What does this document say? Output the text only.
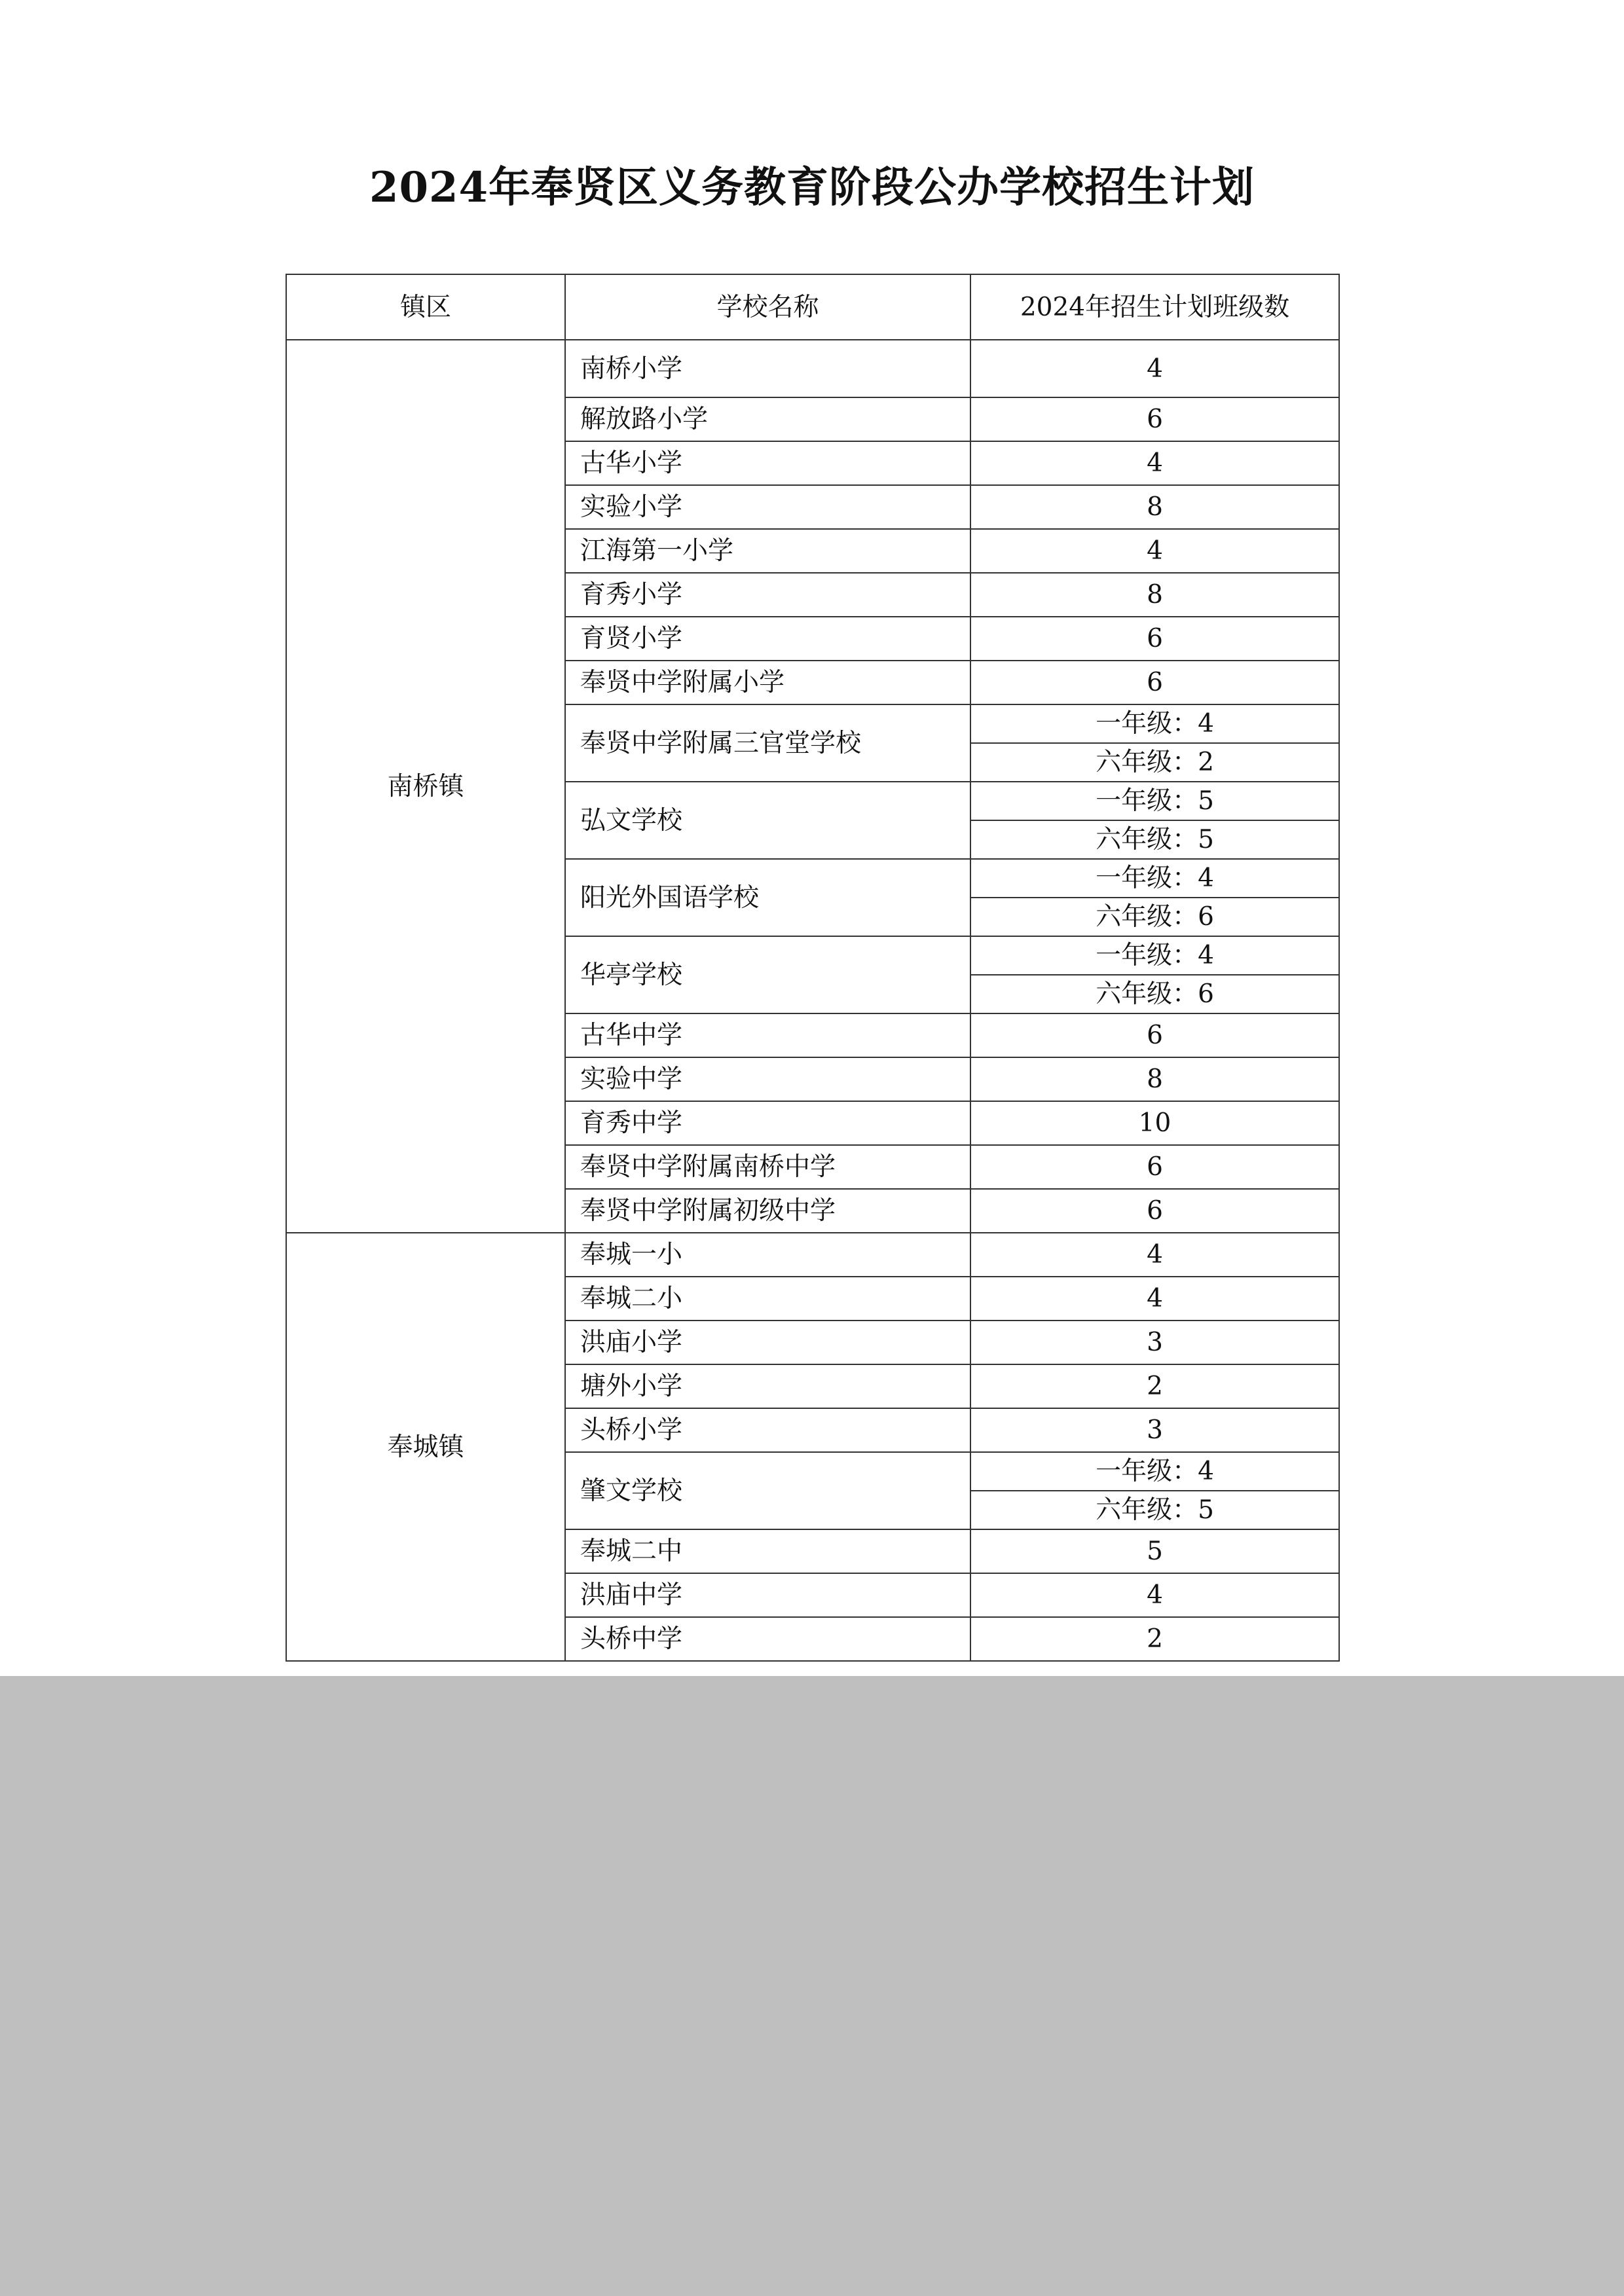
2024年奉贤区义务教育阶段公办学校招生计划
镇区	学校名称	2024年招生计划班级数
南桥镇	南桥小学	4
	解放路小学	6
	古华小学	4
	实验小学	8
	江海第一小学	4
	育秀小学	8
	育贤小学	6
	奉贤中学附属小学	6
	奉贤中学附属三官堂学校	一年级：4
		六年级：2
	弘文学校	一年级：5
		六年级：5
	阳光外国语学校	一年级：4
		六年级：6
	华亭学校	一年级：4
		六年级：6
	古华中学	6
	实验中学	8
	育秀中学	10
	奉贤中学附属南桥中学	6
	奉贤中学附属初级中学	6
奉城镇	奉城一小	4
	奉城二小	4
	洪庙小学	3
	塘外小学	2
	头桥小学	3
	肇文学校	一年级：4
		六年级：5
	奉城二中	5
	洪庙中学	4
	头桥中学	2
